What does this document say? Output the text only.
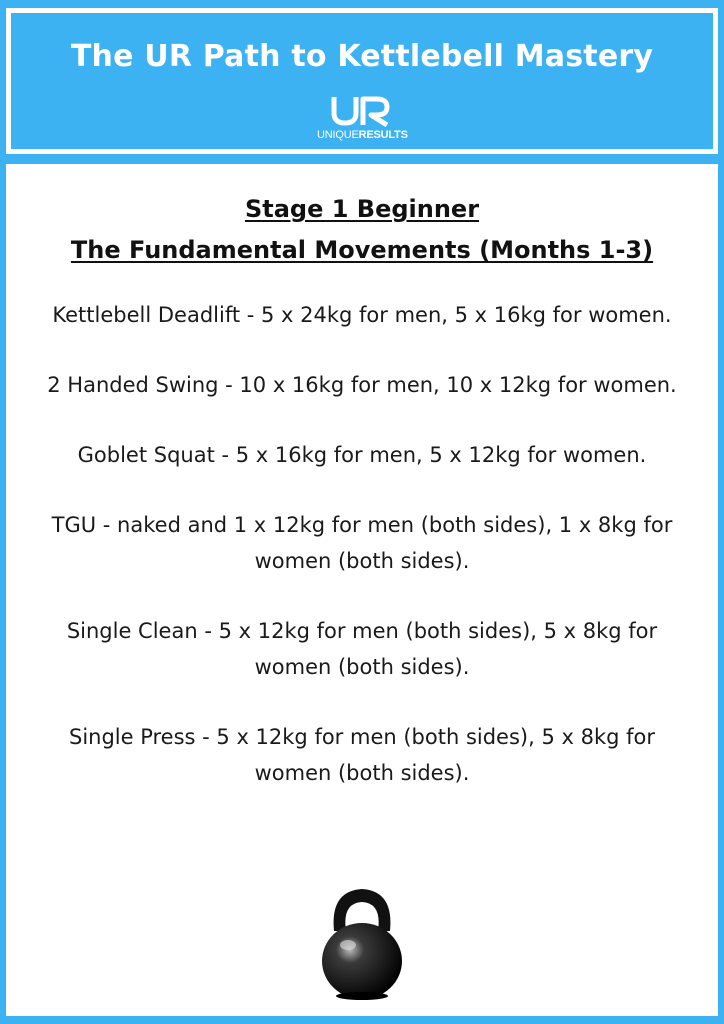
The UR Path to Kettlebell Mastery
UNIQUERESULTS
Stage 1 Beginner
The Fundamental Movements (Months 1-3)
Kettlebell Deadlift - 5 x 24kg for men, 5 x 16kg for women.
2 Handed Swing - 10 x 16kg for men, 10 x 12kg for women.
Goblet Squat - 5 x 16kg for men, 5 x 12kg for women.
TGU - naked and 1 x 12kg for men (both sides), 1 x 8kg for women (both sides).
Single Clean - 5 x 12kg for men (both sides), 5 x 8kg for women (both sides).
Single Press - 5 x 12kg for men (both sides), 5 x 8kg for women (both sides).
